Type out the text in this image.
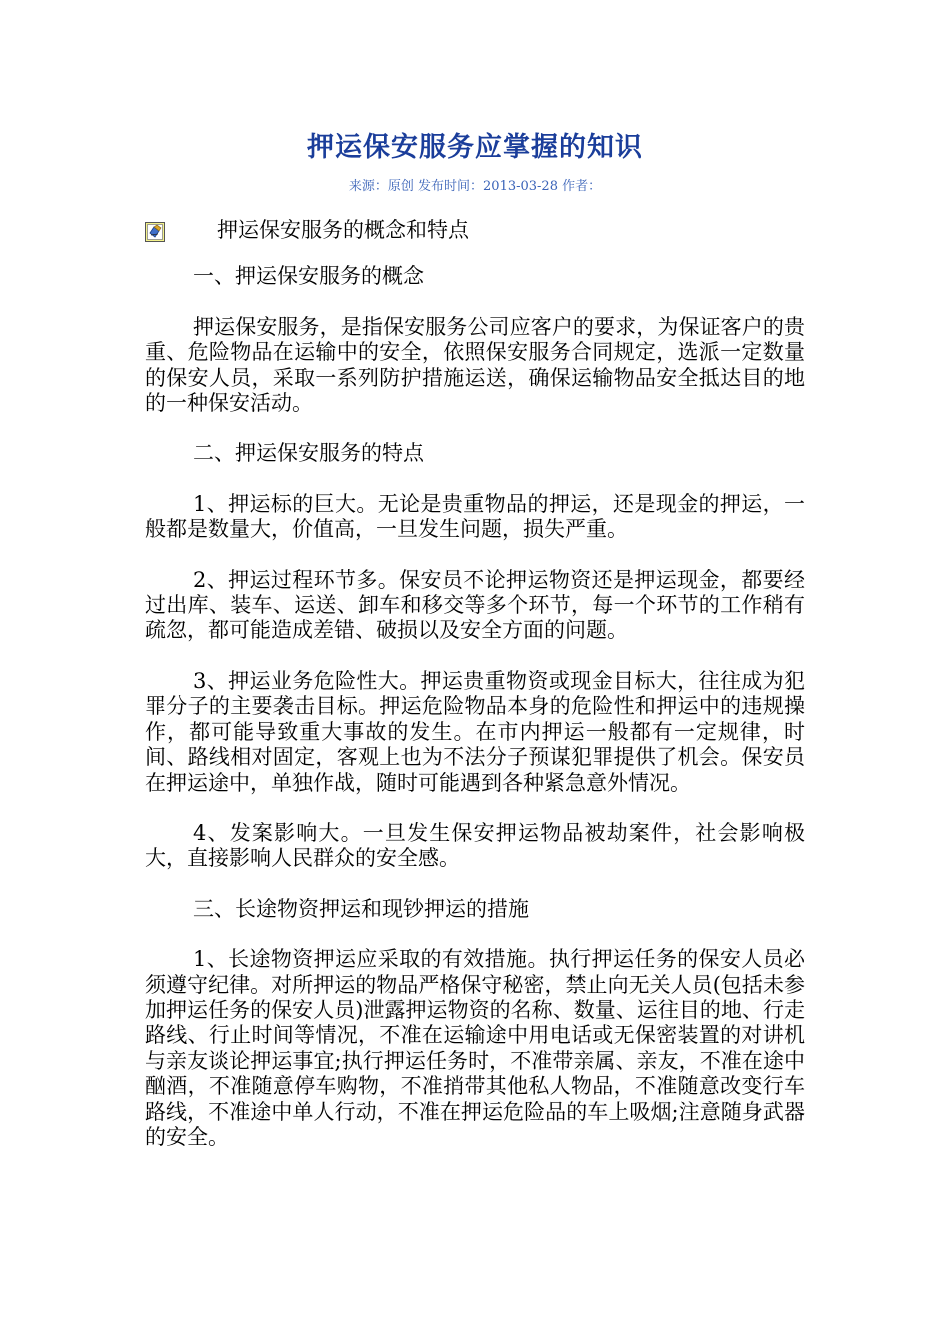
押运保安服务应掌握的知识
来源：原创 发布时间：2013-03-28 作者：
押运保安服务的概念和特点
一、押运保安服务的概念

押运保安服务，是指保安服务公司应客户的要求，为保证客户的贵重、危险物品在运输中的安全，依照保安服务合同规定，选派一定数量的保安人员，采取一系列防护措施运送，确保运输物品安全抵达目的地的一种保安活动。

二、押运保安服务的特点

1、押运标的巨大。无论是贵重物品的押运，还是现金的押运，一般都是数量大，价值高，一旦发生问题，损失严重。

2、押运过程环节多。保安员不论押运物资还是押运现金，都要经过出库、装车、运送、卸车和移交等多个环节，每一个环节的工作稍有疏忽，都可能造成差错、破损以及安全方面的问题。

3、押运业务危险性大。押运贵重物资或现金目标大，往往成为犯罪分子的主要袭击目标。押运危险物品本身的危险性和押运中的违规操作，都可能导致重大事故的发生。在市内押运一般都有一定规律，时间、路线相对固定，客观上也为不法分子预谋犯罪提供了机会。保安员在押运途中，单独作战，随时可能遇到各种紧急意外情况。

4、发案影响大。一旦发生保安押运物品被劫案件，社会影响极大，直接影响人民群众的安全感。

三、长途物资押运和现钞押运的措施

1、长途物资押运应采取的有效措施。执行押运任务的保安人员必须遵守纪律。对所押运的物品严格保守秘密，禁止向无关人员(包括未参加押运任务的保安人员)泄露押运物资的名称、数量、运往目的地、行走路线、行止时间等情况，不准在运输途中用电话或无保密装置的对讲机与亲友谈论押运事宜;执行押运任务时，不准带亲属、亲友，不准在途中酗酒，不准随意停车购物，不准捎带其他私人物品，不准随意改变行车路线，不准途中单人行动，不准在押运危险品的车上吸烟;注意随身武器的安全。
